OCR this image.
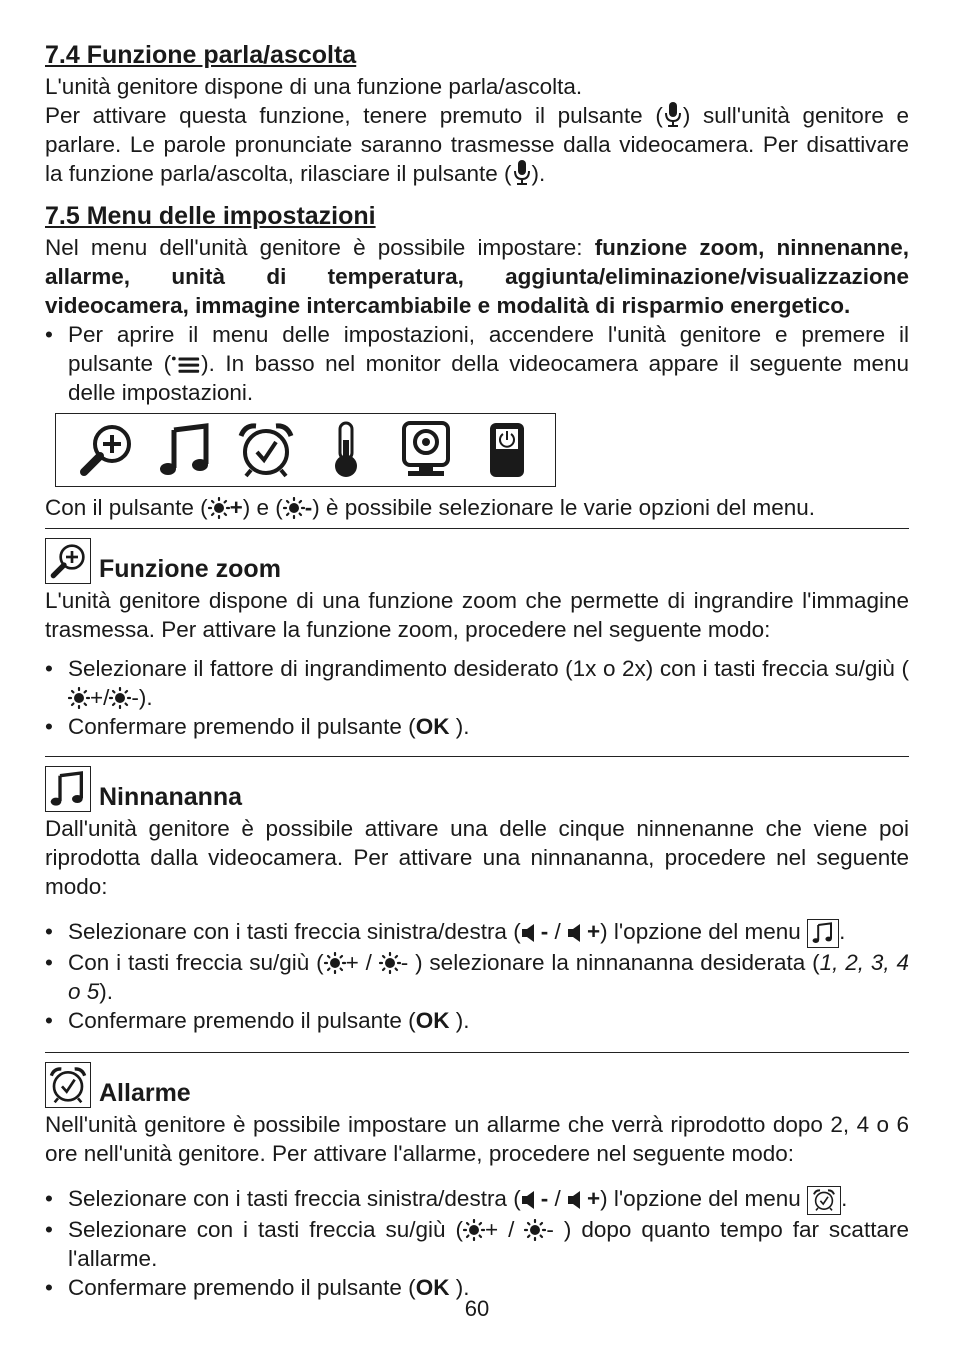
7.4 Funzione parla/ascolta

L'unità genitore dispone di una funzione parla/ascolta.

Per attivare questa funzione, tenere premuto il pulsante ( ) sull'unità genitore e parlare. Le parole pronunciate saranno trasmesse dalla videocamera. Per disattivare la funzione parla/ascolta, rilasciare il pulsante ( ).

7.5 Menu delle impostazioni

Nel menu dell'unità genitore è possibile impostare: funzione zoom, ninnenanne, allarme, unità di temperatura, aggiunta/eliminazione/visualizzazione videocamera, immagine intercambiabile e modalità di risparmio energetico.

• Per aprire il menu delle impostazioni, accendere l'unità genitore e premere il pulsante ( ). In basso nel monitor della videocamera appare il seguente menu delle impostazioni.

Con il pulsante ( +) e ( -) è possibile selezionare le varie opzioni del menu.

Funzione zoom

L'unità genitore dispone di una funzione zoom che permette di ingrandire l'immagine trasmessa. Per attivare la funzione zoom, procedere nel seguente modo:

• Selezionare il fattore di ingrandimento desiderato (1x o 2x) con i tasti freccia su/giù (+/ -).
• Confermare premendo il pulsante (OK ).
Ninnananna

Dall'unità genitore è possibile attivare una delle cinque ninnenanne che viene poi riprodotta dalla videocamera. Per attivare una ninnananna, procedere nel seguente modo:

• Selezionare con i tasti freccia sinistra/destra ( - / +) l'opzione del menu .
• Con i tasti freccia su/giù ( + / - ) selezionare la ninnananna desiderata (1, 2, 3, 4 o 5).
• Confermare premendo il pulsante (OK ).
Allarme

Nell'unità genitore è possibile impostare un allarme che verrà riprodotto dopo 2, 4 o 6 ore nell'unità genitore. Per attivare l'allarme, procedere nel seguente modo:

• Selezionare con i tasti freccia sinistra/destra ( - / +) l'opzione del menu .
• Selezionare con i tasti freccia su/giù ( + / - ) dopo quanto tempo far scattare l'allarme.
• Confermare premendo il pulsante (OK ).
60
